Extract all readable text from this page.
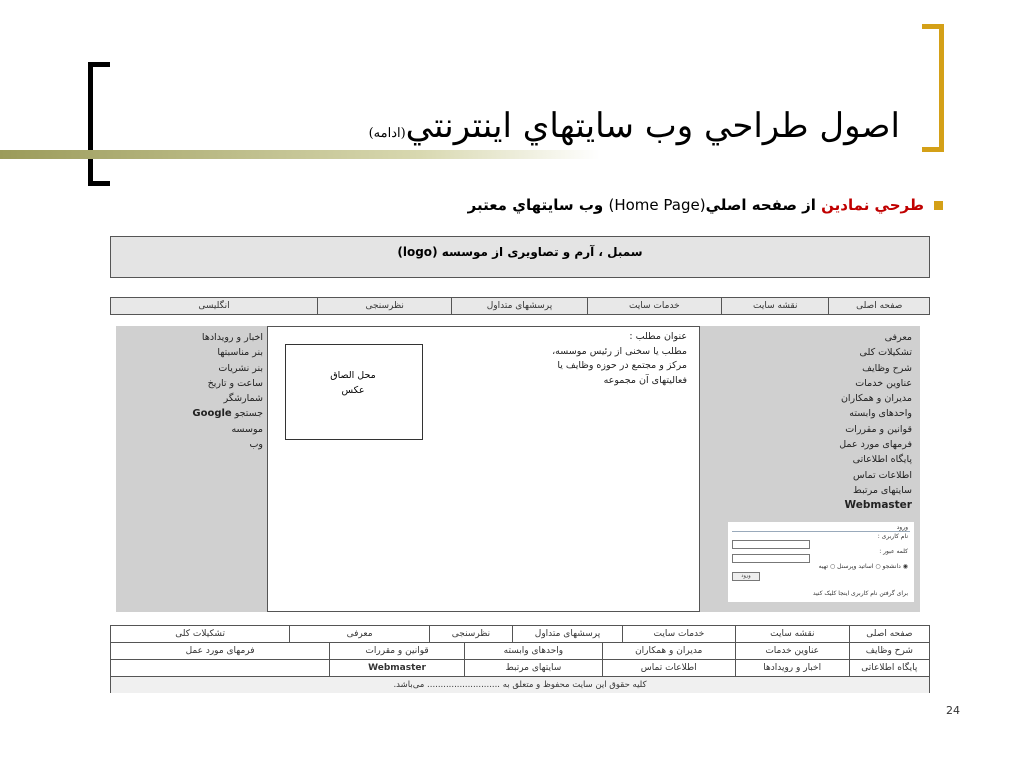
اصول طراحي وب سايتهاي اينترنتي(ادامه)
طرحي نمادين از صفحه اصلي(Home Page) وب سايتهاي معتبر
سمبل ، آرم و تصاویری از موسسه (logo)
صفحه اصلی
نقشه سایت
خدمات سایت
پرسشهای متداول
نظرسنجی
انگلیسی
معرفی
تشکیلات کلی
شرح وظایف
عناوین خدمات
مدیران و همکاران
واحدهای وابسته
قوانین و مقررات
فرمهای مورد عمل
پایگاه اطلاعاتی
اطلاعات تماس
سایتهای مرتبط
Webmaster
ورود
نام کاربری :
کلمه عبور :
◉ دانشجو ○ اساتید وپرسنل ○ تهیه
ورود
برای گرفتن نام کاربری اینجا کلیک کنید
اخبار و رویدادها
بنر مناسبتها
بنر نشریات
ساعت و تاریخ
شمارشگر
جستجو Google
موسسه
وب
عنوان مطلب :
مطلب یا سخنی از رئیس موسسه،
مرکز و مجتمع در حوزه وظایف یا
فعالیتهای آن مجموعه
محل الصاق
عکس
صفحه اصلی
نقشه سایت
خدمات سایت
پرسشهای متداول
نظرسنجی
معرفی
تشکیلات کلی
شرح وظایف
عناوین خدمات
مدیران و همکاران
واحدهای وابسته
قوانین و مقررات
فرمهای مورد عمل
پایگاه اطلاعاتی
اخبار و رویدادها
اطلاعات تماس
سایتهای مرتبط
Webmaster
کلیه حقوق این سایت محفوظ و متعلق به ........................... می‌باشد.
24
